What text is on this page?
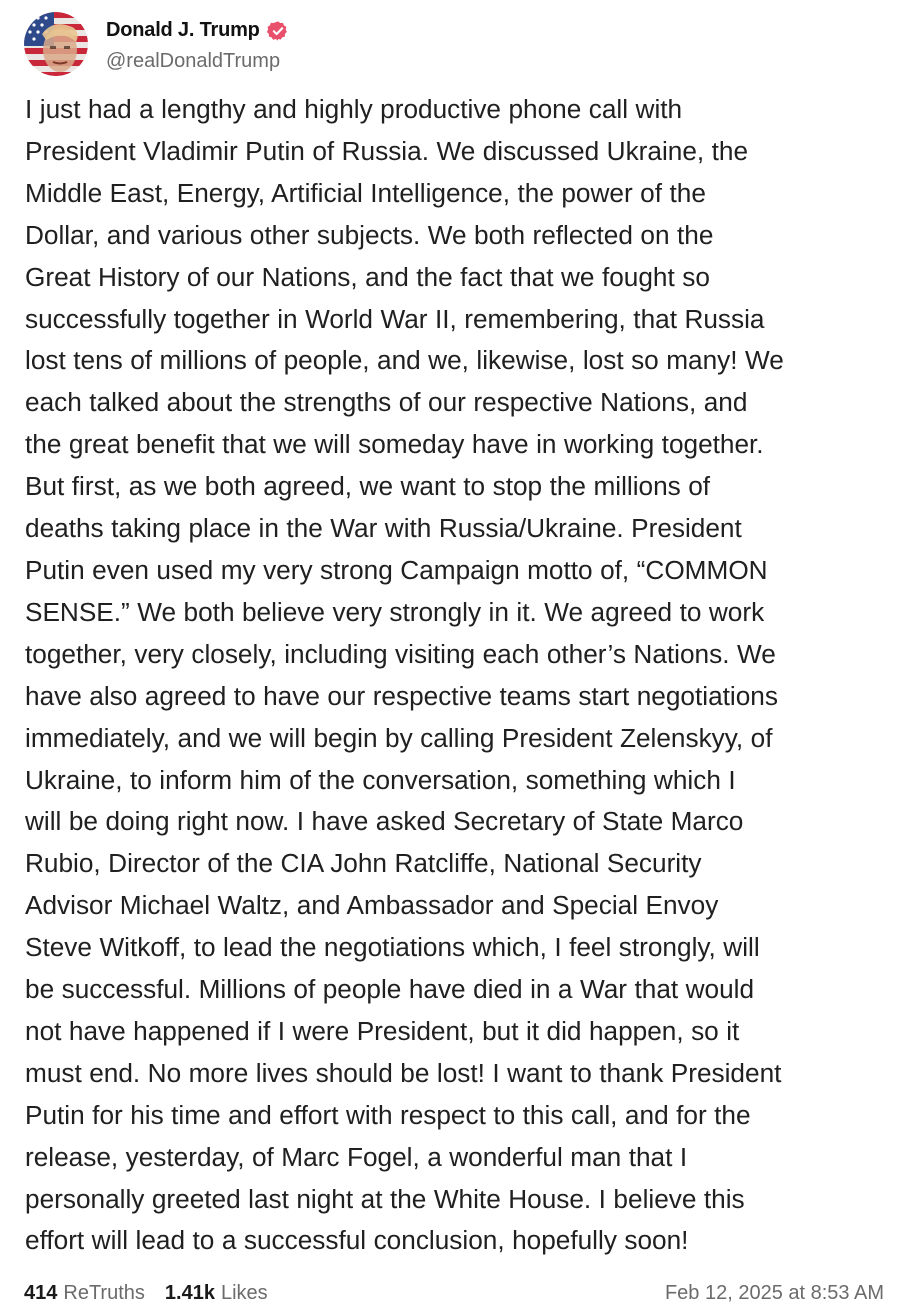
Donald J. Trump
@realDonaldTrump
I just had a lengthy and highly productive phone call with
President Vladimir Putin of Russia. We discussed Ukraine, the
Middle East, Energy, Artificial Intelligence, the power of the
Dollar, and various other subjects. We both reflected on the
Great History of our Nations, and the fact that we fought so
successfully together in World War II, remembering, that Russia
lost tens of millions of people, and we, likewise, lost so many! We
each talked about the strengths of our respective Nations, and
the great benefit that we will someday have in working together.
But first, as we both agreed, we want to stop the millions of
deaths taking place in the War with Russia/Ukraine. President
Putin even used my very strong Campaign motto of, “COMMON
SENSE.” We both believe very strongly in it. We agreed to work
together, very closely, including visiting each other’s Nations. We
have also agreed to have our respective teams start negotiations
immediately, and we will begin by calling President Zelenskyy, of
Ukraine, to inform him of the conversation, something which I
will be doing right now. I have asked Secretary of State Marco
Rubio, Director of the CIA John Ratcliffe, National Security
Advisor Michael Waltz, and Ambassador and Special Envoy
Steve Witkoff, to lead the negotiations which, I feel strongly, will
be successful. Millions of people have died in a War that would
not have happened if I were President, but it did happen, so it
must end. No more lives should be lost! I want to thank President
Putin for his time and effort with respect to this call, and for the
release, yesterday, of Marc Fogel, a wonderful man that I
personally greeted last night at the White House. I believe this
effort will lead to a successful conclusion, hopefully soon!
414 ReTruths 1.41k Likes	Feb 12, 2025 at 8:53 AM
